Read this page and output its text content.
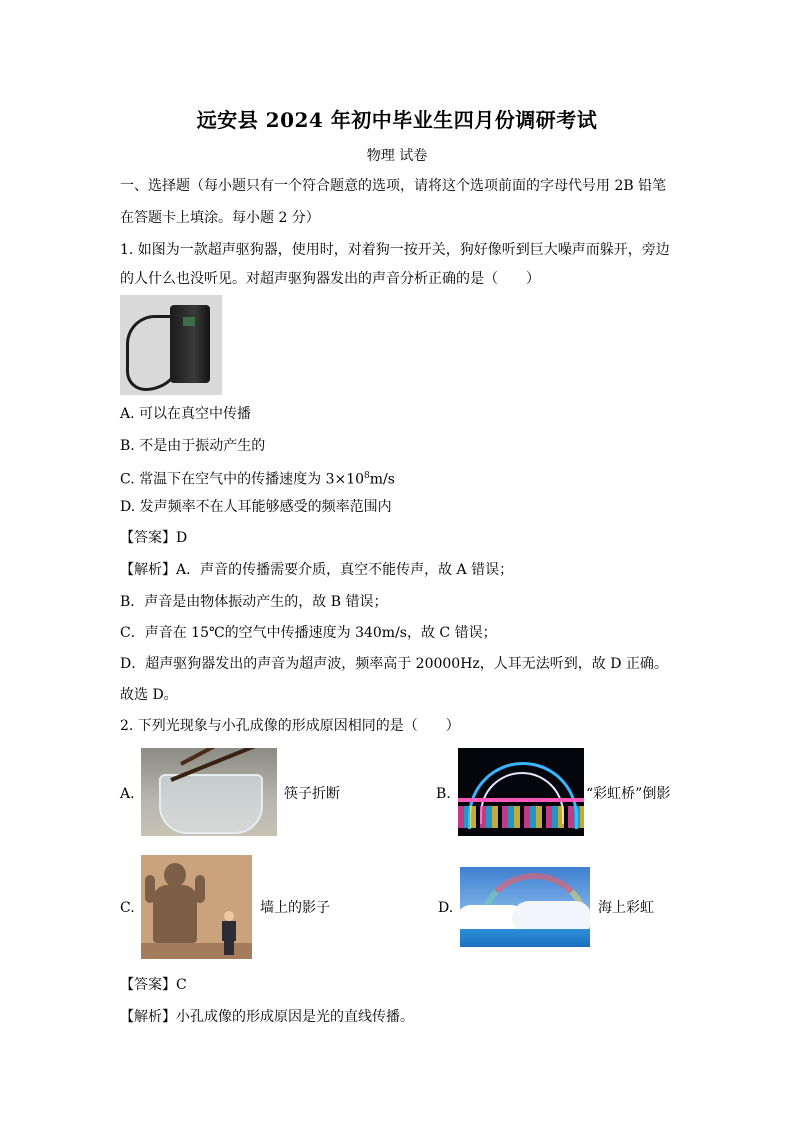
远安县 2024 年初中毕业生四月份调研考试
物理 试卷
一、选择题（每小题只有一个符合题意的选项，请将这个选项前面的字母代号用 2B 铅笔
在答题卡上填涂。每小题 2 分）
1. 如图为一款超声驱狗器，使用时，对着狗一按开关，狗好像听到巨大噪声而躲开，旁边
的人什么也没听见。对超声驱狗器发出的声音分析正确的是（　　）
A. 可以在真空中传播
B. 不是由于振动产生的
C. 常温下在空气中的传播速度为 $3\times 10^8m/s$
D. 发声频率不在人耳能够感受的频率范围内
【答案】D
【解析】A．声音的传播需要介质，真空不能传声，故 A 错误；
B．声音是由物体振动产生的，故 B 错误；
C．声音在 15℃的空气中传播速度为 340m/s，故 C 错误；
D．超声驱狗器发出的声音为超声波，频率高于 20000Hz，人耳无法听到，故 D 正确。
故选 D。
2. 下列光现象与小孔成像的形成原因相同的是（　　）
A.	筷子折断	B.	“彩虹桥”倒影
C.	墙上的影子	D.	海上彩虹
【答案】C
【解析】小孔成像的形成原因是光的直线传播。
